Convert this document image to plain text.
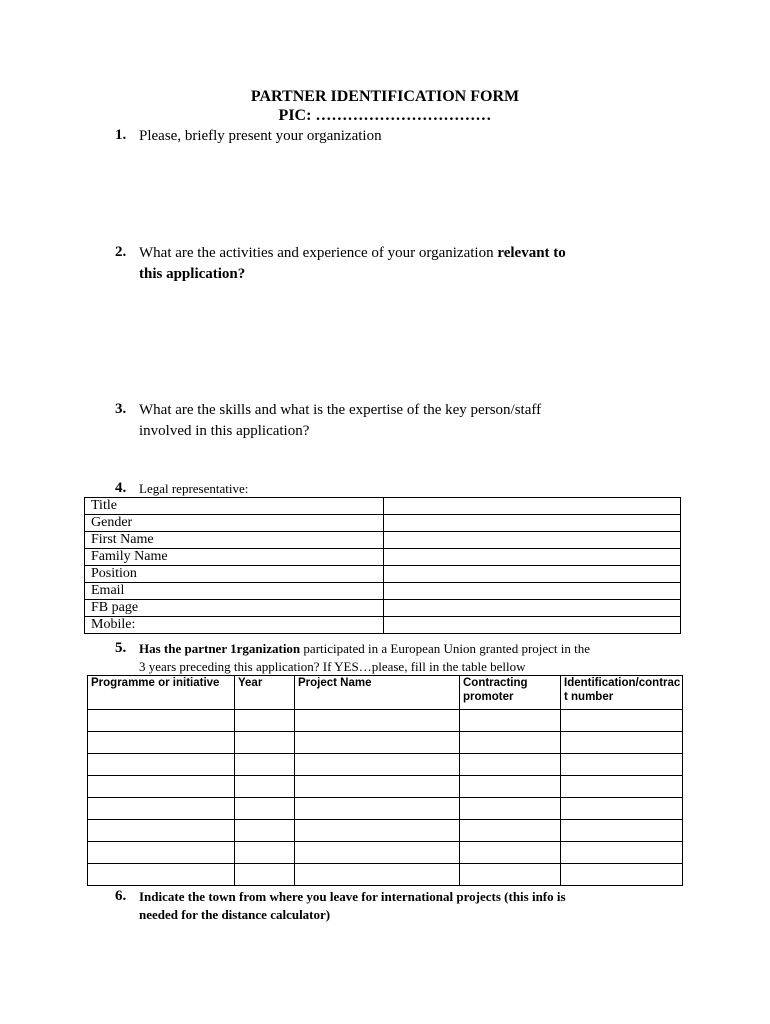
PARTNER IDENTIFICATION FORM
PIC: ……………………………
1. Please, briefly present your organization
2. What are the activities and experience of your organization relevant to
this application?
3. What are the skills and what is the expertise of the key person/staff
involved in this application?
4. Legal representative:
Title	
Gender	
First Name	
Family Name	
Position	
Email	
FB page	
Mobile:	
5. Has the partner 1rganization participated in a European Union granted project in the
3 years preceding this application? If YES…please, fill in the table bellow
Programme or initiative	Year	Project Name	Contracting promoter	Identification/contract number

6. Indicate the town from where you leave for international projects (this info is
needed for the distance calculator)
